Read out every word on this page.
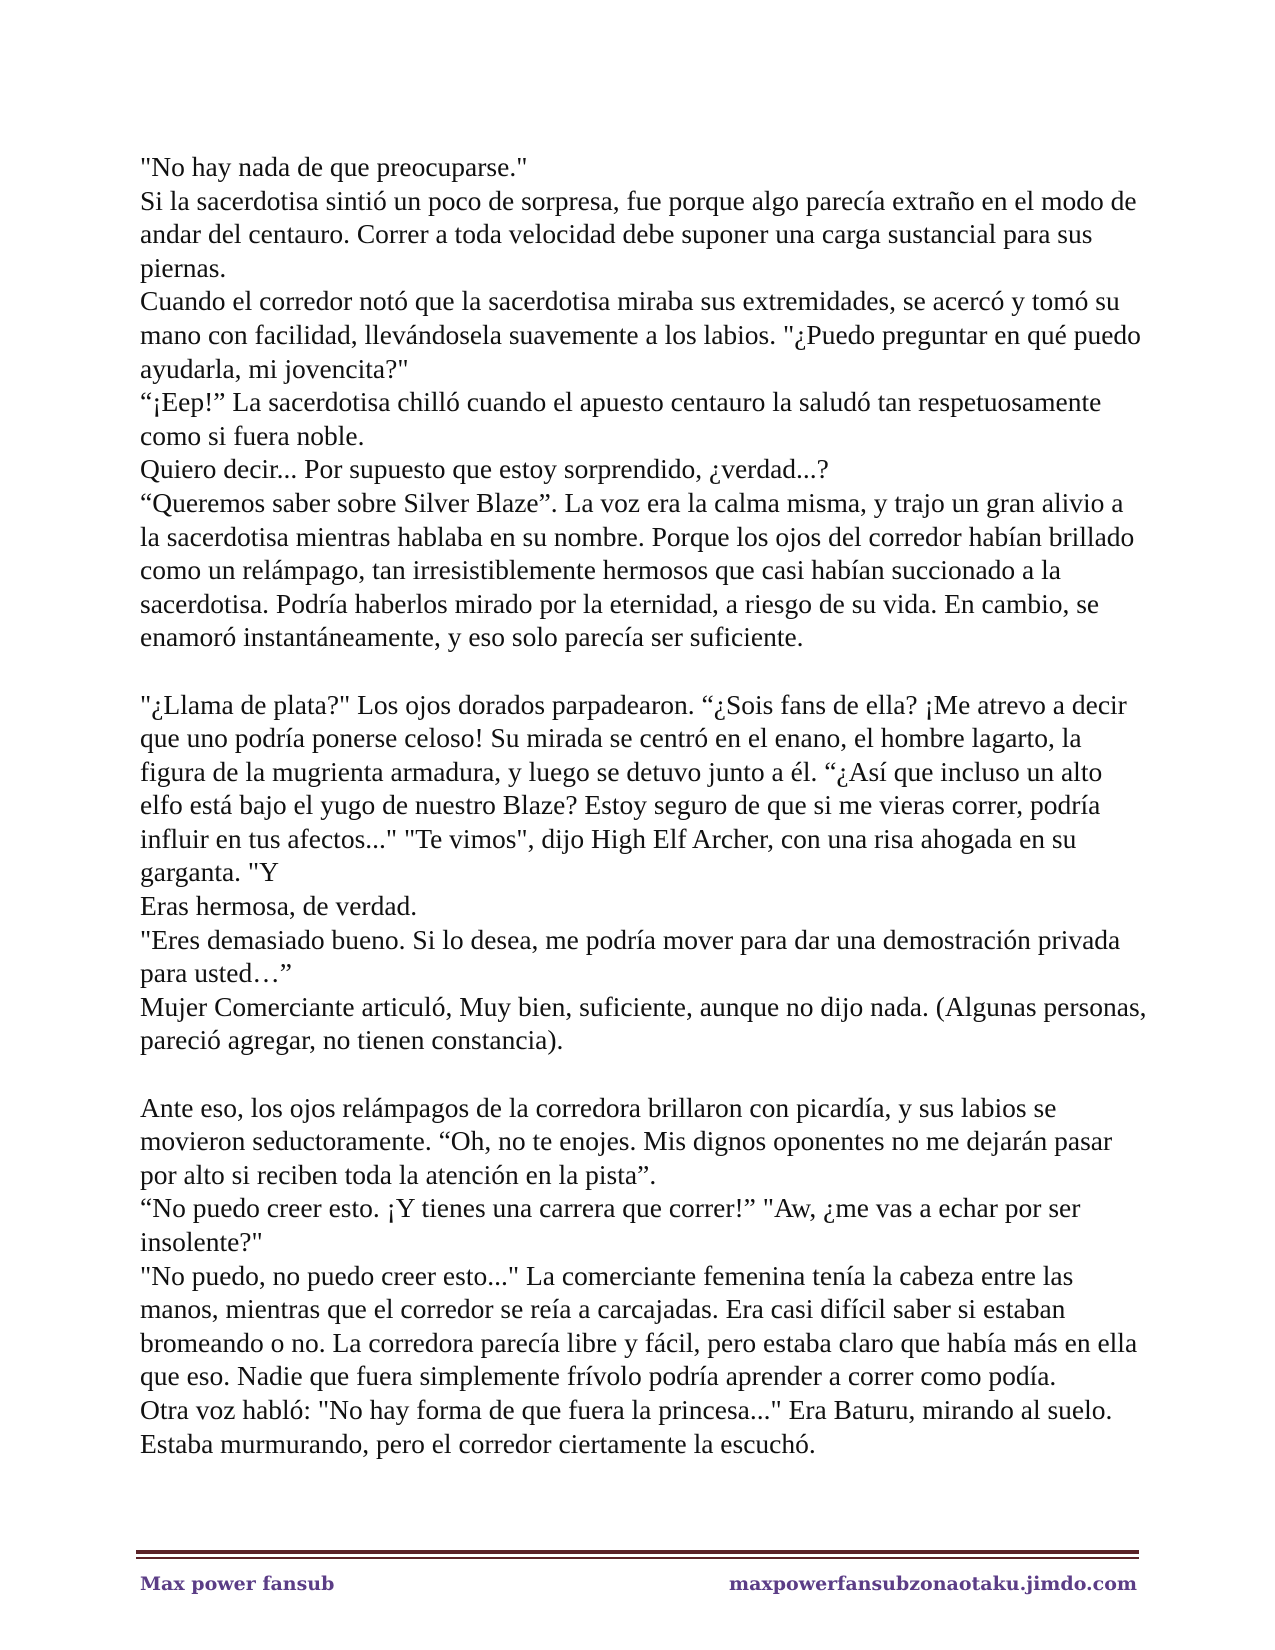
"No hay nada de que preocuparse."

Si la sacerdotisa sintió un poco de sorpresa, fue porque algo parecía extraño en el modo de andar del centauro. Correr a toda velocidad debe suponer una carga sustancial para sus piernas.

Cuando el corredor notó que la sacerdotisa miraba sus extremidades, se acercó y tomó su mano con facilidad, llevándosela suavemente a los labios. "¿Puedo preguntar en qué puedo ayudarla, mi jovencita?"

“¡Eep!” La sacerdotisa chilló cuando el apuesto centauro la saludó tan respetuosamente como si fuera noble.

Quiero decir... Por supuesto que estoy sorprendido, ¿verdad...?

“Queremos saber sobre Silver Blaze”. La voz era la calma misma, y trajo un gran alivio a la sacerdotisa mientras hablaba en su nombre. Porque los ojos del corredor habían brillado como un relámpago, tan irresistiblemente hermosos que casi habían succionado a la sacerdotisa. Podría haberlos mirado por la eternidad, a riesgo de su vida. En cambio, se enamoró instantáneamente, y eso solo parecía ser suficiente.

"¿Llama de plata?" Los ojos dorados parpadearon. “¿Sois fans de ella? ¡Me atrevo a decir que uno podría ponerse celoso! Su mirada se centró en el enano, el hombre lagarto, la figura de la mugrienta armadura, y luego se detuvo junto a él. “¿Así que incluso un alto elfo está bajo el yugo de nuestro Blaze? Estoy seguro de que si me vieras correr, podría influir en tus afectos..." "Te vimos", dijo High Elf Archer, con una risa ahogada en su garganta. "Y

Eras hermosa, de verdad.

"Eres demasiado bueno. Si lo desea, me podría mover para dar una demostración privada para usted…”

Mujer Comerciante articuló, Muy bien, suficiente, aunque no dijo nada. (Algunas personas, pareció agregar, no tienen constancia).

Ante eso, los ojos relámpagos de la corredora brillaron con picardía, y sus labios se movieron seductoramente. “Oh, no te enojes. Mis dignos oponentes no me dejarán pasar por alto si reciben toda la atención en la pista”.

“No puedo creer esto. ¡Y tienes una carrera que correr!” "Aw, ¿me vas a echar por ser insolente?"

"No puedo, no puedo creer esto..." La comerciante femenina tenía la cabeza entre las manos, mientras que el corredor se reía a carcajadas. Era casi difícil saber si estaban bromeando o no. La corredora parecía libre y fácil, pero estaba claro que había más en ella que eso. Nadie que fuera simplemente frívolo podría aprender a correr como podía.

Otra voz habló: "No hay forma de que fuera la princesa..." Era Baturu, mirando al suelo. Estaba murmurando, pero el corredor ciertamente la escuchó.

Max power fansub	maxpowerfansubzonaotaku.jimdo.com
